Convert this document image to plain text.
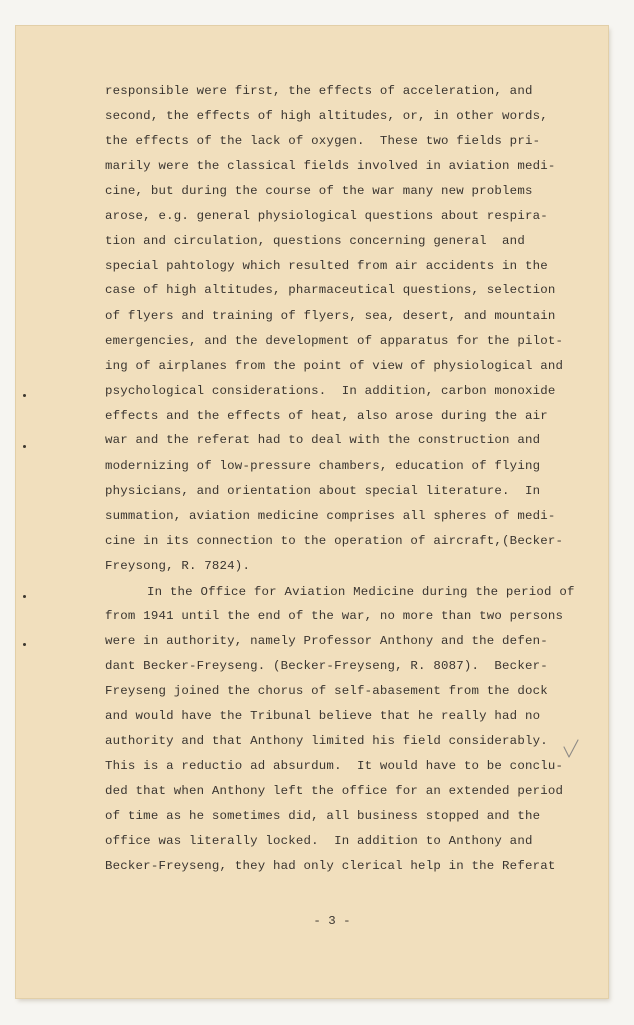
responsible were first, the effects of acceleration, and

second, the effects of high altitudes, or, in other words,

the effects of the lack of oxygen.  These two fields pri-

marily were the classical fields involved in aviation medi-

cine, but during the course of the war many new problems

arose, e.g. general physiological questions about respira-

tion and circulation, questions concerning general  and

special pahtology which resulted from air accidents in the

case of high altitudes, pharmaceutical questions, selection

of flyers and training of flyers, sea, desert, and mountain

emergencies, and the development of apparatus for the pilot-

ing of airplanes from the point of view of physiological and

psychological considerations.  In addition, carbon monoxide

effects and the effects of heat, also arose during the air

war and the referat had to deal with the construction and

modernizing of low-pressure chambers, education of flying

physicians, and orientation about special literature.  In

summation, aviation medicine comprises all spheres of medi-

cine in its connection to the operation of aircraft,(Becker-

Freysong, R. 7824).

In the Office for Aviation Medicine during the period of

from 1941 until the end of the war, no more than two persons

were in authority, namely Professor Anthony and the defen-

dant Becker-Freyseng. (Becker-Freyseng, R. 8087).  Becker-

Freyseng joined the chorus of self-abasement from the dock

and would have the Tribunal believe that he really had no

authority and that Anthony limited his field considerably.

This is a reductio ad absurdum.  It would have to be conclu-

ded that when Anthony left the office for an extended period

of time as he sometimes did, all business stopped and the

office was literally locked.  In addition to Anthony and

Becker-Freyseng, they had only clerical help in the Referat

- 3 -
